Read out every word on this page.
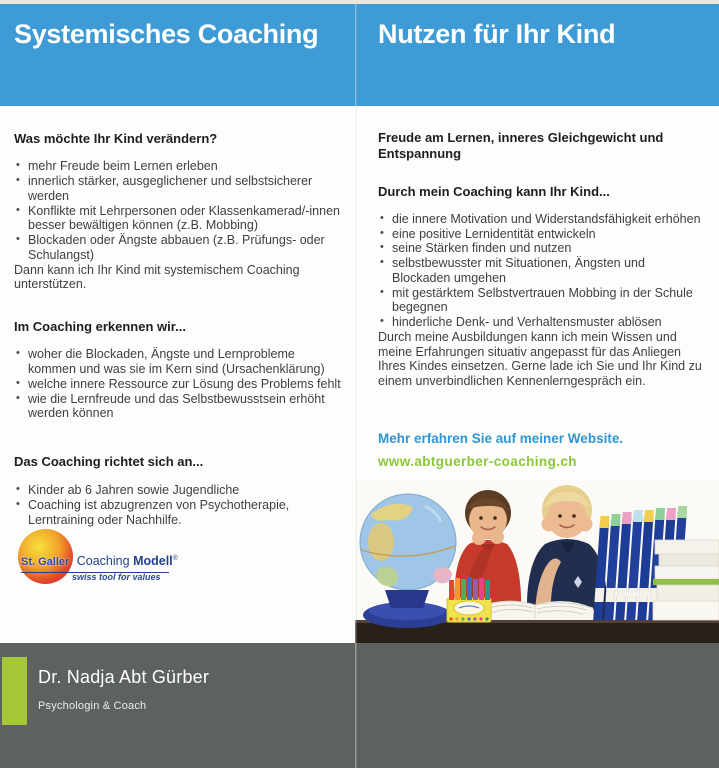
Systemisches Coaching Nutzen für Ihr Kind
Was möchte Ihr Kind verändern?
• mehr Freude beim Lernen erleben
• innerlich stärker, ausgeglichener und selbstsicherer werden
• Konflikte mit Lehrpersonen oder Klassenkamerad/-innen besser bewältigen können (z.B. Mobbing)
• Blockaden oder Ängste abbauen (z.B. Prüfungs- oder Schulangst)

Dann kann ich Ihr Kind mit systemischem Coaching unterstützen.

Im Coaching erkennen wir...
• woher die Blockaden, Ängste und Lernprobleme kommen und was sie im Kern sind (Ursachenklärung)
• welche innere Ressource zur Lösung des Problems fehlt
• wie die Lernfreude und das Selbstbewusstsein erhöht werden können
Das Coaching richtet sich an...
• Kinder ab 6 Jahren sowie Jugendliche
• Coaching ist abzugrenzen von Psychotherapie, Lerntraining oder Nachhilfe.
St. Galler Coaching Modell®
swiss tool for values
Freude am Lernen, inneres Gleichgewicht und Entspannung
Durch mein Coaching kann Ihr Kind...
• die innere Motivation und Widerstandsfähigkeit erhöhen
• eine positive Lernidentität entwickeln
• seine Stärken finden und nutzen
• selbstbewusster mit Situationen, Ängsten und Blockaden umgehen
• mit gestärktem Selbstvertrauen Mobbing in der Schule begegnen
• hinderliche Denk- und Verhaltensmuster ablösen

Durch meine Ausbildungen kann ich mein Wissen und meine Erfahrungen situativ angepasst für das Anliegen Ihres Kindes einsetzen. Gerne lade ich Sie und Ihr Kind zu einem unverbindlichen Kennenlerngespräch ein.

Mehr erfahren Sie auf meiner Website.

www.abtguerber-coaching.ch

Dr. Nadja Abt Gürber
Psychologin & Coach
